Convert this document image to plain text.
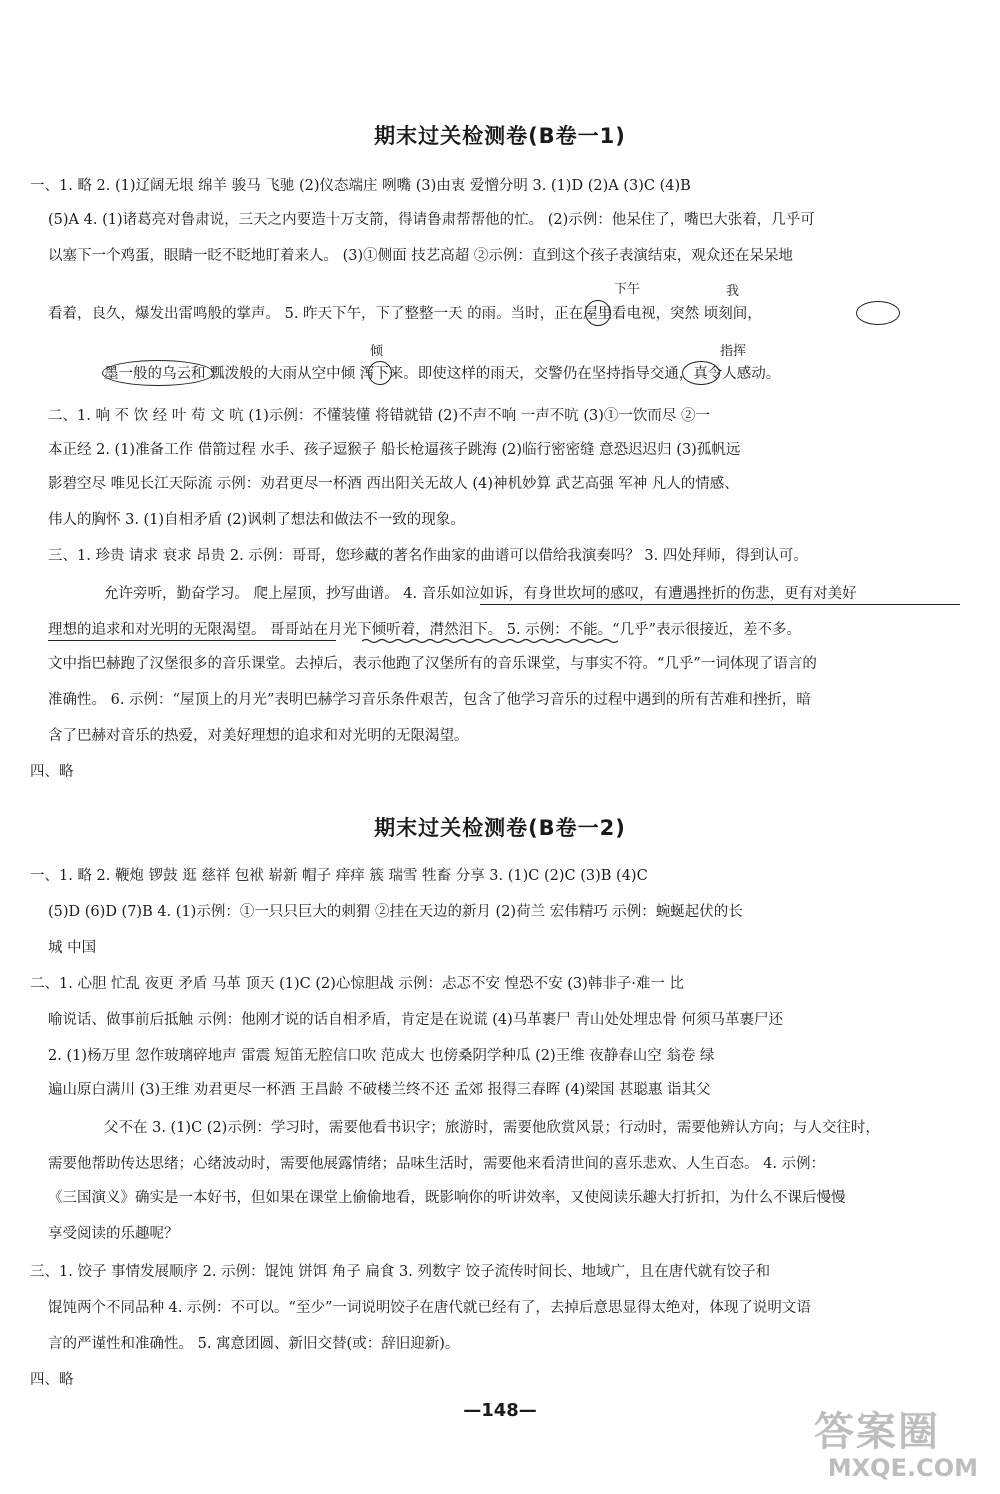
期末过关检测卷(B卷一1)
一、1. 略 2. (1)辽阔无垠 绵羊 骏马 飞驰 (2)仪态端庄 咧嘴 (3)由衷 爱憎分明 3. (1)D (2)A (3)C (4)B
(5)A 4. (1)诸葛亮对鲁肃说，三天之内要造十万支箭，得请鲁肃帮帮他的忙。 (2)示例：他呆住了，嘴巴大张着，几乎可
以塞下一个鸡蛋，眼睛一眨不眨地盯着来人。 (3)①侧面 技艺高超 ②示例：直到这个孩子表演结束，观众还在呆呆地
看着，良久，爆发出雷鸣般的掌声。 5. 昨天下午，下了整整一天 的雨。当时，正在屋里看电视，突然 顷刻间，
墨一般的乌云和 瓢泼般的大雨从空中倾 泻下来。即使这样的雨天，交警仍在坚持指导交通，真令人感动。
下午	我
倾	指挥
二、1. 响 不 饮 经 叶 苟 文 吭 (1)示例：不懂装懂 将错就错 (2)不声不响 一声不吭 (3)①一饮而尽 ②一
本正经 2. (1)准备工作 借箭过程 水手、孩子逗猴子 船长枪逼孩子跳海 (2)临行密密缝 意恐迟迟归 (3)孤帆远
影碧空尽 唯见长江天际流 示例：劝君更尽一杯酒 西出阳关无故人 (4)神机妙算 武艺高强 军神 凡人的情感、
伟人的胸怀 3. (1)自相矛盾 (2)讽刺了想法和做法不一致的现象。
三、1. 珍贵 请求 衰求 昂贵 2. 示例：哥哥，您珍藏的著名作曲家的曲谱可以借给我演奏吗？ 3. 四处拜师，得到认可。
允许旁听，勤奋学习。 爬上屋顶，抄写曲谱。 4. 音乐如泣如诉，有身世坎坷的感叹，有遭遇挫折的伤悲，更有对美好
理想的追求和对光明的无限渴望。 哥哥站在月光下倾听着，潸然泪下。 5. 示例：不能。“几乎”表示很接近，差不多。
文中指巴赫跑了汉堡很多的音乐课堂。去掉后，表示他跑了汉堡所有的音乐课堂，与事实不符。“几乎”一词体现了语言的
准确性。 6. 示例：“屋顶上的月光”表明巴赫学习音乐条件艰苦，包含了他学习音乐的过程中遇到的所有苦难和挫折，暗
含了巴赫对音乐的热爱，对美好理想的追求和对光明的无限渴望。
四、略
期末过关检测卷(B卷一2)
一、1. 略 2. 鞭炮 锣鼓 逛 慈祥 包袱 崭新 帽子 痒痒 簇 瑞雪 牲畜 分享 3. (1)C (2)C (3)B (4)C
(5)D (6)D (7)B 4. (1)示例：①一只只巨大的刺猬 ②挂在天边的新月 (2)荷兰 宏伟精巧 示例：蜿蜒起伏的长
城 中国
二、1. 心胆 忙乱 夜更 矛盾 马革 顶天 (1)C (2)心惊胆战 示例：忐忑不安 惶恐不安 (3)韩非子·难一 比
喻说话、做事前后抵触 示例：他刚才说的话自相矛盾，肯定是在说谎 (4)马革裹尸 青山处处埋忠骨 何须马革裹尸还
2. (1)杨万里 忽作玻璃碎地声 雷震 短笛无腔信口吹 范成大 也傍桑阴学种瓜 (2)王维 夜静春山空 翁卷 绿
遍山原白满川 (3)王维 劝君更尽一杯酒 王昌龄 不破楼兰终不还 孟郊 报得三春晖 (4)梁国 甚聪惠 诣其父
父不在 3. (1)C (2)示例：学习时，需要他看书识字；旅游时，需要他欣赏风景；行动时，需要他辨认方向；与人交往时，
需要他帮助传达思绪；心绪波动时，需要他展露情绪；品味生活时，需要他来看清世间的喜乐悲欢、人生百态。 4. 示例：
《三国演义》确实是一本好书，但如果在课堂上偷偷地看，既影响你的听讲效率，又使阅读乐趣大打折扣，为什么不课后慢慢
享受阅读的乐趣呢？
三、1. 饺子 事情发展顺序 2. 示例：馄饨 饼饵 角子 扁食 3. 列数字 饺子流传时间长、地域广，且在唐代就有饺子和
馄饨两个不同品种 4. 示例：不可以。“至少”一词说明饺子在唐代就已经有了，去掉后意思显得太绝对，体现了说明文语
言的严谨性和准确性。 5. 寓意团圆、新旧交替(或：辞旧迎新)。
四、略
—148—	答案圈
MXQE.COM
